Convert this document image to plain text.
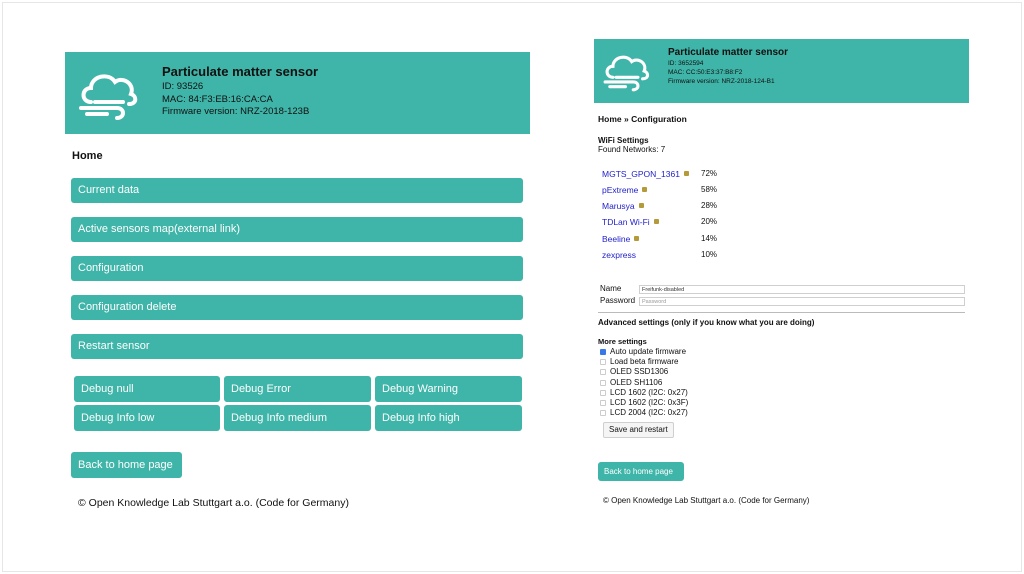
Particulate matter sensor
ID: 93526
MAC: 84:F3:EB:16:CA:CA
Firmware version: NRZ-2018-123B
Home
Current data
Active sensors map(external link)
Configuration
Configuration delete
Restart sensor
Debug null	Debug Error	Debug Warning
Debug Info low	Debug Info medium	Debug Info high
Back to home page
© Open Knowledge Lab Stuttgart a.o. (Code for Germany)
Particulate matter sensor
ID: 3652594
MAC: CC:50:E3:37:B8:F2
Firmware version: NRZ-2018-124-B1
Home » Configuration
WiFi Settings
Found Networks: 7
MGTS_GPON_1361	72%
pExtreme	58%
Marusya	28%
TDLan Wi-Fi	20%
Beeline	14%
zexpress	10%
Name	Freifunk-disabled
Password	Password
Advanced settings (only if you know what you are doing)
More settings
Auto update firmware
Load beta firmware
OLED SSD1306
OLED SH1106
LCD 1602 (I2C: 0x27)
LCD 1602 (I2C: 0x3F)
LCD 2004 (I2C: 0x27)
Save and restart
Back to home page
© Open Knowledge Lab Stuttgart a.o. (Code for Germany)
